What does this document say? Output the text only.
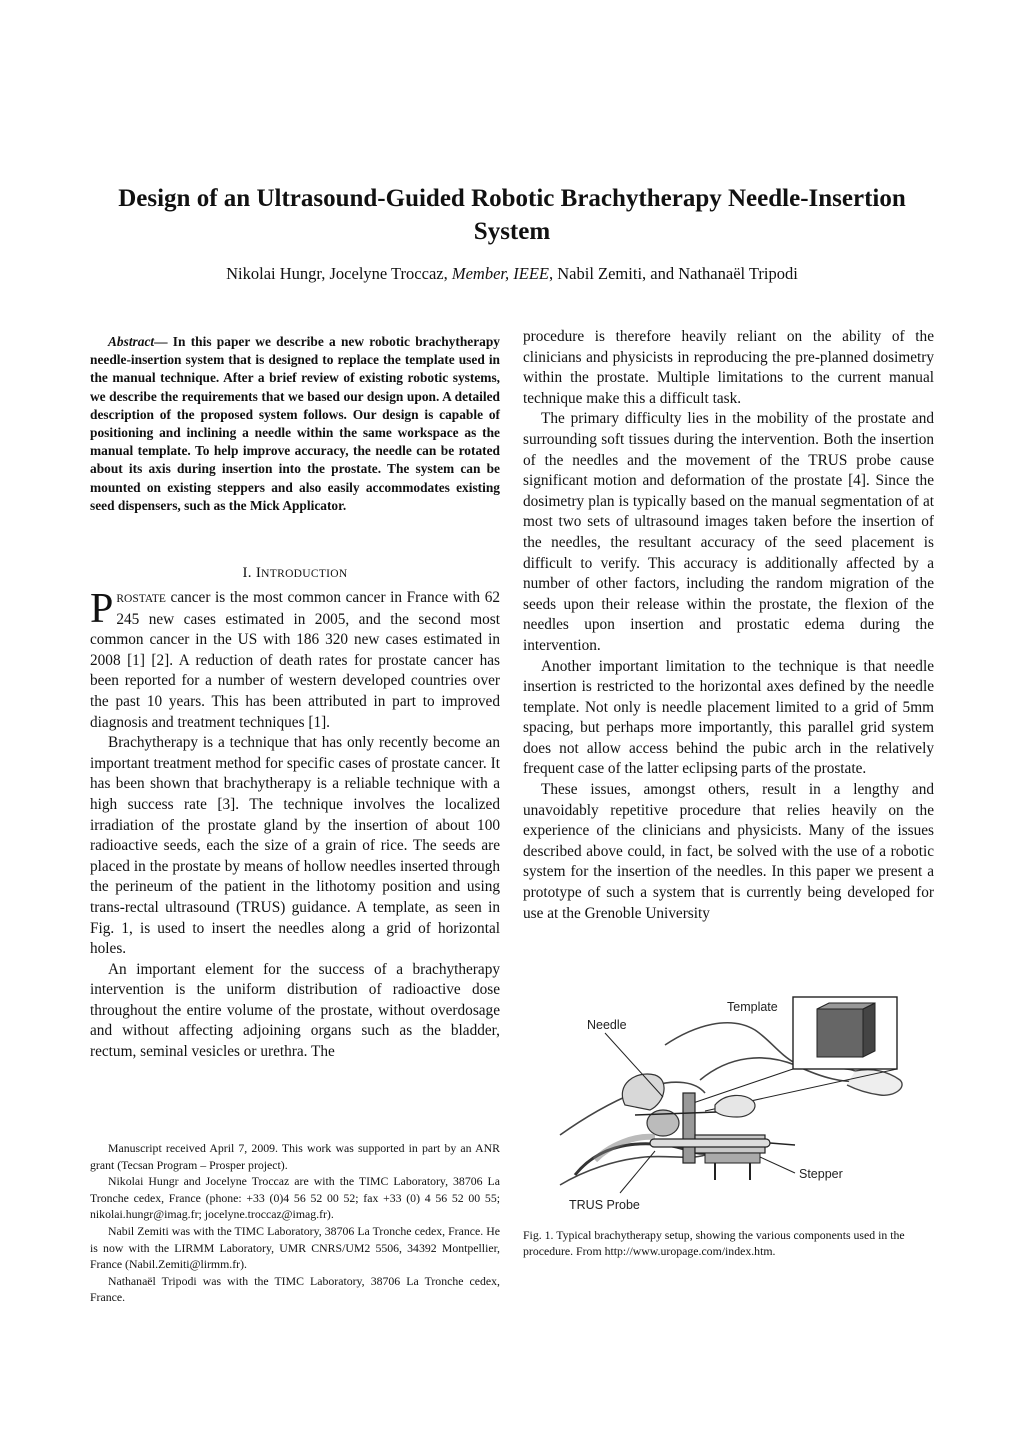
Design of an Ultrasound-Guided Robotic Brachytherapy Needle-Insertion System
Nikolai Hungr, Jocelyne Troccaz, Member, IEEE, Nabil Zemiti, and Nathanaël Tripodi
Abstract— In this paper we describe a new robotic brachytherapy needle-insertion system that is designed to replace the template used in the manual technique. After a brief review of existing robotic systems, we describe the requirements that we based our design upon. A detailed description of the proposed system follows. Our design is capable of positioning and inclining a needle within the same workspace as the manual template. To help improve accuracy, the needle can be rotated about its axis during insertion into the prostate. The system can be mounted on existing steppers and also easily accommodates existing seed dispensers, such as the Mick Applicator.
I. INTRODUCTION

PROSTATE cancer is the most common cancer in France with 62 245 new cases estimated in 2005, and the second most common cancer in the US with 186 320 new cases estimated in 2008 [1] [2]. A reduction of death rates for prostate cancer has been reported for a number of western developed countries over the past 10 years. This has been attributed in part to improved diagnosis and treatment techniques [1].

Brachytherapy is a technique that has only recently become an important treatment method for specific cases of prostate cancer. It has been shown that brachytherapy is a reliable technique with a high success rate [3]. The technique involves the localized irradiation of the prostate gland by the insertion of about 100 radioactive seeds, each the size of a grain of rice. The seeds are placed in the prostate by means of hollow needles inserted through the perineum of the patient in the lithotomy position and using trans-rectal ultrasound (TRUS) guidance. A template, as seen in Fig. 1, is used to insert the needles along a grid of horizontal holes.

An important element for the success of a brachytherapy intervention is the uniform distribution of radioactive dose throughout the entire volume of the prostate, without overdosage and without affecting adjoining organs such as the bladder, rectum, seminal vesicles or urethra. The

procedure is therefore heavily reliant on the ability of the clinicians and physicists in reproducing the pre-planned dosimetry within the prostate. Multiple limitations to the current manual technique make this a difficult task.

The primary difficulty lies in the mobility of the prostate and surrounding soft tissues during the intervention. Both the insertion of the needles and the movement of the TRUS probe cause significant motion and deformation of the prostate [4]. Since the dosimetry plan is typically based on the manual segmentation of at most two sets of ultrasound images taken before the insertion of the needles, the resultant accuracy of the seed placement is difficult to verify. This accuracy is additionally affected by a number of other factors, including the random migration of the seeds upon their release within the prostate, the flexion of the needles upon insertion and prostatic edema during the intervention.

Another important limitation to the technique is that needle insertion is restricted to the horizontal axes defined by the needle template. Not only is needle placement limited to a grid of 5mm spacing, but perhaps more importantly, this parallel grid system does not allow access behind the pubic arch in the relatively frequent case of the latter eclipsing parts of the prostate.

These issues, amongst others, result in a lengthy and unavoidably repetitive procedure that relies heavily on the experience of the clinicians and physicists. Many of the issues described above could, in fact, be solved with the use of a robotic system for the insertion of the needles. In this paper we present a prototype of such a system that is currently being developed for use at the Grenoble University

Template
Needle
Stepper
TRUS Probe
Fig. 1. Typical brachytherapy setup, showing the various components used in the procedure. From http://www.uropage.com/index.htm.

Manuscript received April 7, 2009. This work was supported in part by an ANR grant (Tecsan Program – Prosper project).

Nikolai Hungr and Jocelyne Troccaz are with the TIMC Laboratory, 38706 La Tronche cedex, France (phone: +33 (0)4 56 52 00 52; fax +33 (0) 4 56 52 00 55; nikolai.hungr@imag.fr; jocelyne.troccaz@imag.fr).

Nabil Zemiti was with the TIMC Laboratory, 38706 La Tronche cedex, France. He is now with the LIRMM Laboratory, UMR CNRS/UM2 5506, 34392 Montpellier, France (Nabil.Zemiti@lirmm.fr).

Nathanaël Tripodi was with the TIMC Laboratory, 38706 La Tronche cedex, France.
